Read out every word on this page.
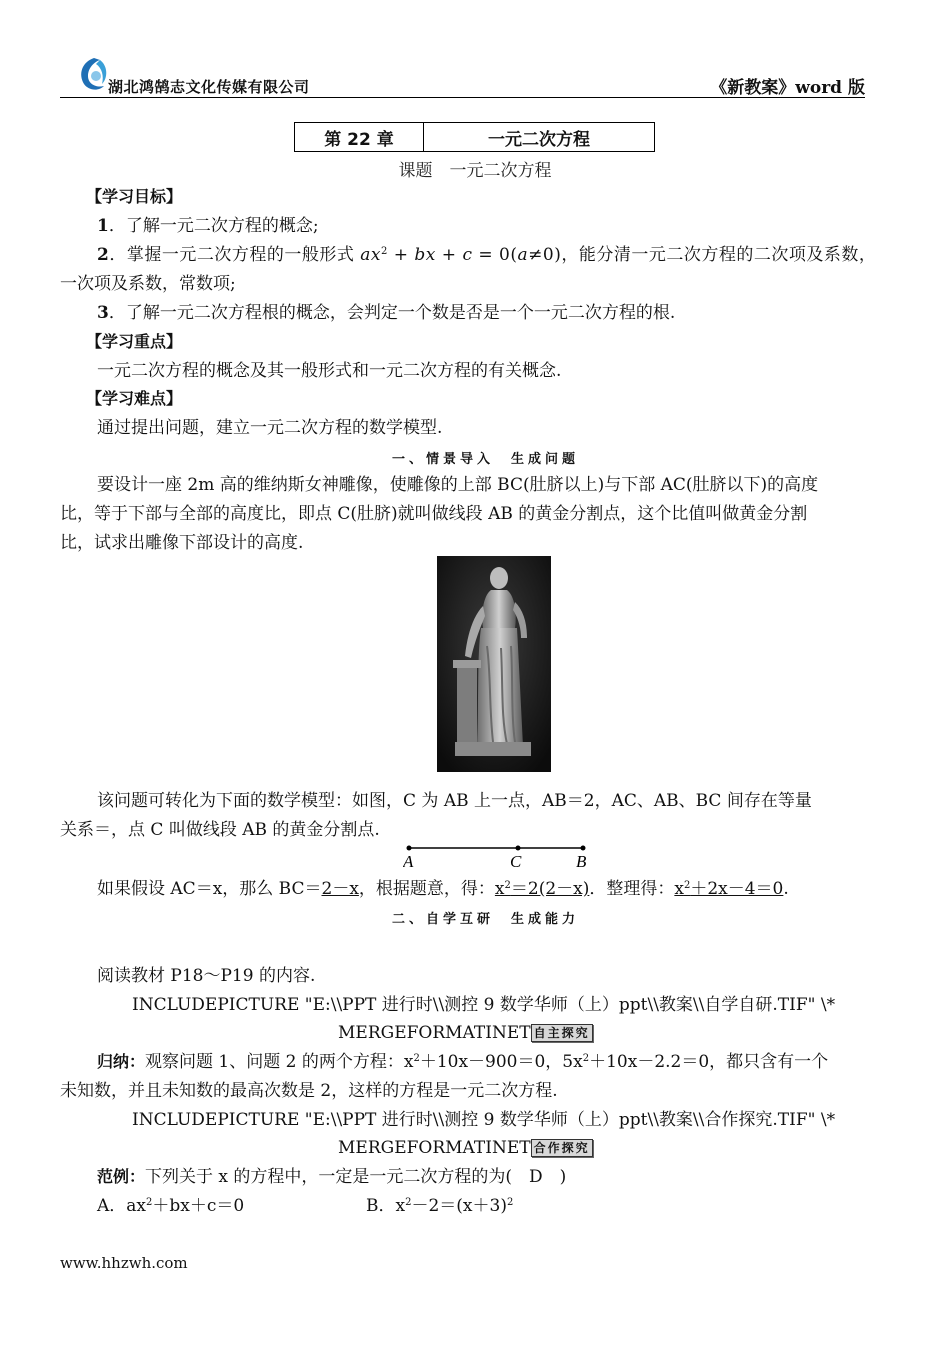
湖北鸿鹄志文化传媒有限公司	《新教案》word 版
第 22 章	一元二次方程
课题　一元二次方程
【学习目标】
1．了解一元二次方程的概念;
2．掌握一元二次方程的一般形式 $ax^2$ + bx + c = 0(a≠0)，能分清一元二次方程的二次项及系数，
一次项及系数，常数项;
3．了解一元二次方程根的概念，会判定一个数是否是一个一元二次方程的根.
【学习重点】
一元二次方程的概念及其一般形式和一元二次方程的有关概念.
【学习难点】
通过提出问题，建立一元二次方程的数学模型.
一、情景导入　生成问题
要设计一座 2m 高的维纳斯女神雕像，使雕像的上部 BC(肚脐以上)与下部 AC(肚脐以下)的高度
比，等于下部与全部的高度比，即点 C(肚脐)就叫做线段 AB 的黄金分割点，这个比值叫做黄金分割
比，试求出雕像下部设计的高度.
该问题可转化为下面的数学模型：如图，C 为 AB 上一点，AB＝2，AC、AB、BC 间存在等量
关系＝，点 C 叫做线段 AB 的黄金分割点.
A	C	B
如果假设 AC＝x，那么 BC＝2－x，根据题意，得：$x^2=2(2-x)$．整理得：$x^2+2x-4=0$.
二、自学互研　生成能力
阅读教材 P18～P19 的内容.
INCLUDEPICTURE "E:\\PPT 进行时\\测控 9 数学华师（上）ppt\\教案\\自学自研.TIF" \*
MERGEFORMATINET 自主探究
归纳：观察问题 1、问题 2 的两个方程：$x^2+10x-900=0$，$5x^2+10x-2.2=0$，都只含有一个
未知数，并且未知数的最高次数是 2，这样的方程是一元二次方程.
INCLUDEPICTURE "E:\\PPT 进行时\\测控 9 数学华师（上）ppt\\教案\\合作探究.TIF" \*
MERGEFORMATINET 合作探究
范例：下列关于 x 的方程中，一定是一元二次方程的为(　D　)
A．$ax^2+bx+c=0$	B．$x^2-2=(x+3)^2$
www.hhzwh.com
